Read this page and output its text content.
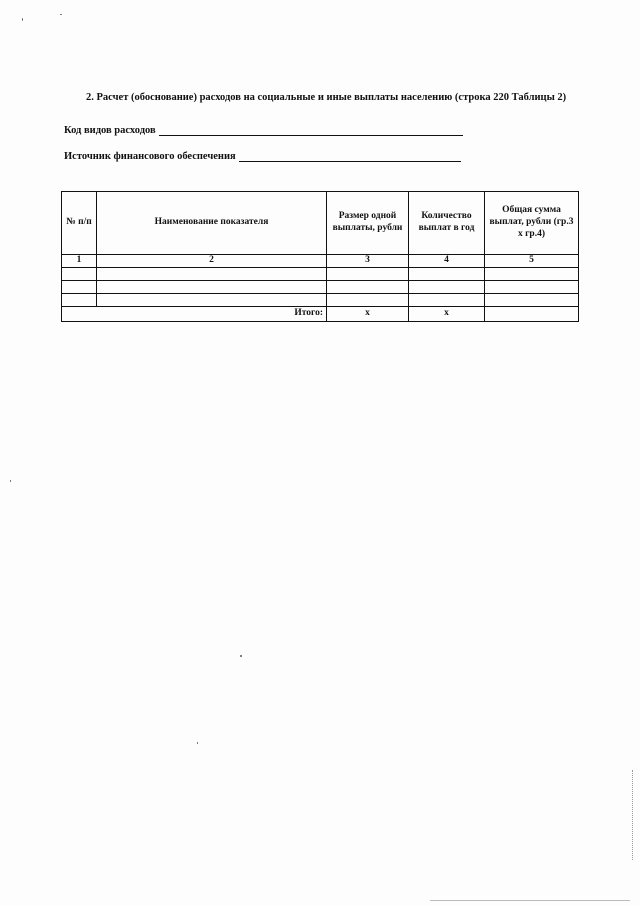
2. Расчет (обоснование) расходов на социальные и иные выплаты населению (строка 220 Таблицы 2)
Код видов расходов
Источник финансового обеспечения
№ п/п	Наименование показателя	Размер одной выплаты, рубли	Количество выплат в год	Общая сумма выплат, рубли (гр.3 х гр.4)
1	2	3	4	5

Итого:		х	х	
